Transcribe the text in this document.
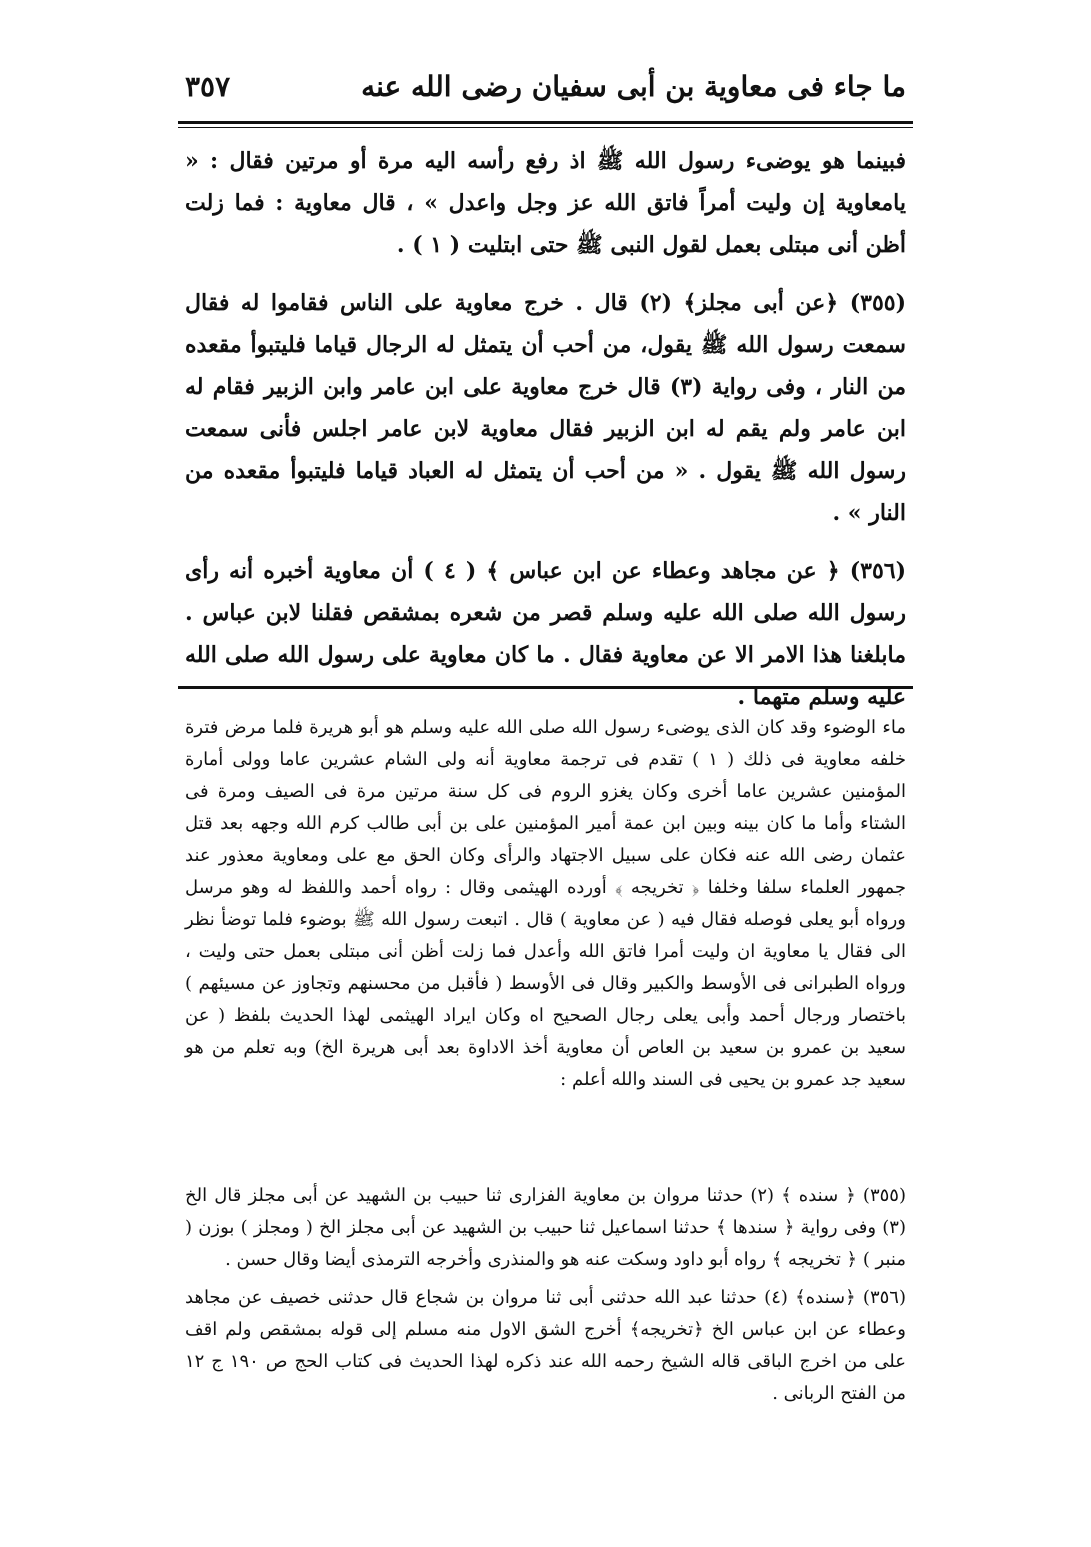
ما جاء فى معاوية بن أبى سفيان رضى الله عنه
٣٥٧

فبينما هو يوضىء رسول الله ﷺ اذ رفع رأسه اليه مرة أو مرتين فقال : « يامعاوية إن وليت أمراً فاتق الله عز وجل واعدل » ، قال معاوية : فما زلت أظن أنى مبتلى بعمل لقول النبى ﷺ حتى ابتليت ( ١ ) .

(٣٥٥) ﴿عن أبى مجلز﴾ (٢) قال . خرج معاوية على الناس فقاموا له فقال سمعت رسول الله ﷺ يقول، من أحب أن يتمثل له الرجال قياما فليتبوأ مقعده من النار ، وفى رواية (٣) قال خرج معاوية على ابن عامر وابن الزبير فقام له ابن عامر ولم يقم له ابن الزبير فقال معاوية لابن عامر اجلس فأنى سمعت رسول الله ﷺ يقول . « من أحب أن يتمثل له العباد قياما فليتبوأ مقعده من النار » .

(٣٥٦) ﴿ عن مجاهد وعطاء عن ابن عباس ﴾ ( ٤ ) أن معاوية أخبره أنه رأى رسول الله صلى الله عليه وسلم قصر من شعره بمشقص فقلنا لابن عباس . مابلغنا هذا الامر الا عن معاوية فقال . ما كان معاوية على رسول الله صلى الله عليه وسلم متهما .

ماء الوضوء وقد كان الذى يوضىء رسول الله صلى الله عليه وسلم هو أبو هريرة فلما مرض فترة خلفه معاوية فى ذلك ( ١ ) تقدم فى ترجمة معاوية أنه ولى الشام عشرين عاما وولى أمارة المؤمنين عشرين عاما أخرى وكان يغزو الروم فى كل سنة مرتين مرة فى الصيف ومرة فى الشتاء وأما ما كان بينه وبين ابن عمة أمير المؤمنين على بن أبى طالب كرم الله وجهه بعد قتل عثمان رضى الله عنه فكان على سبيل الاجتهاد والرأى وكان الحق مع على ومعاوية معذور عند جمهور العلماء سلفا وخلفا ﴿ تخريجه ﴾ أورده الهيثمى وقال : رواه أحمد واللفظ له وهو مرسل ورواه أبو يعلى فوصله فقال فيه ( عن معاوية ) قال . اتبعت رسول الله ﷺ بوضوء فلما توضأ نظر الى فقال يا معاوية ان وليت أمرا فاتق الله وأعدل فما زلت أظن أنى مبتلى بعمل حتى وليت ، ورواه الطبرانى فى الأوسط والكبير وقال فى الأوسط ( فأقبل من محسنهم وتجاوز عن مسيئهم ) باختصار ورجال أحمد وأبى يعلى رجال الصحيح اه وكان ايراد الهيثمى لهذا الحديث بلفظ ( عن سعيد بن عمرو بن سعيد بن العاص أن معاوية أخذ الاداوة بعد أبى هريرة الخ) وبه تعلم من هو سعيد جد عمرو بن يحيى فى السند والله أعلم :

(٣٥٥) ﴿ سنده ﴾ (٢) حدثنا مروان بن معاوية الفزارى ثنا حبيب بن الشهيد عن أبى مجلز قال الخ (٣) وفى رواية ﴿ سندها ﴾ حدثنا اسماعيل ثنا حبيب بن الشهيد عن أبى مجلز الخ ( ومجلز ) بوزن ( منبر ) ﴿ تخريجه ﴾ رواه أبو داود وسكت عنه هو والمنذرى وأخرجه الترمذى أيضا وقال حسن .

(٣٥٦) ﴿سنده﴾ (٤) حدثنا عبد الله حدثنى أبى ثنا مروان بن شجاع قال حدثنى خصيف عن مجاهد وعطاء عن ابن عباس الخ ﴿تخريجه﴾ أخرج الشق الاول منه مسلم إلى قوله بمشقص ولم اقف على من اخرج الباقى قاله الشيخ رحمه الله عند ذكره لهذا الحديث فى كتاب الحج ص ١٩٠ ج ١٢ من الفتح الربانى .
